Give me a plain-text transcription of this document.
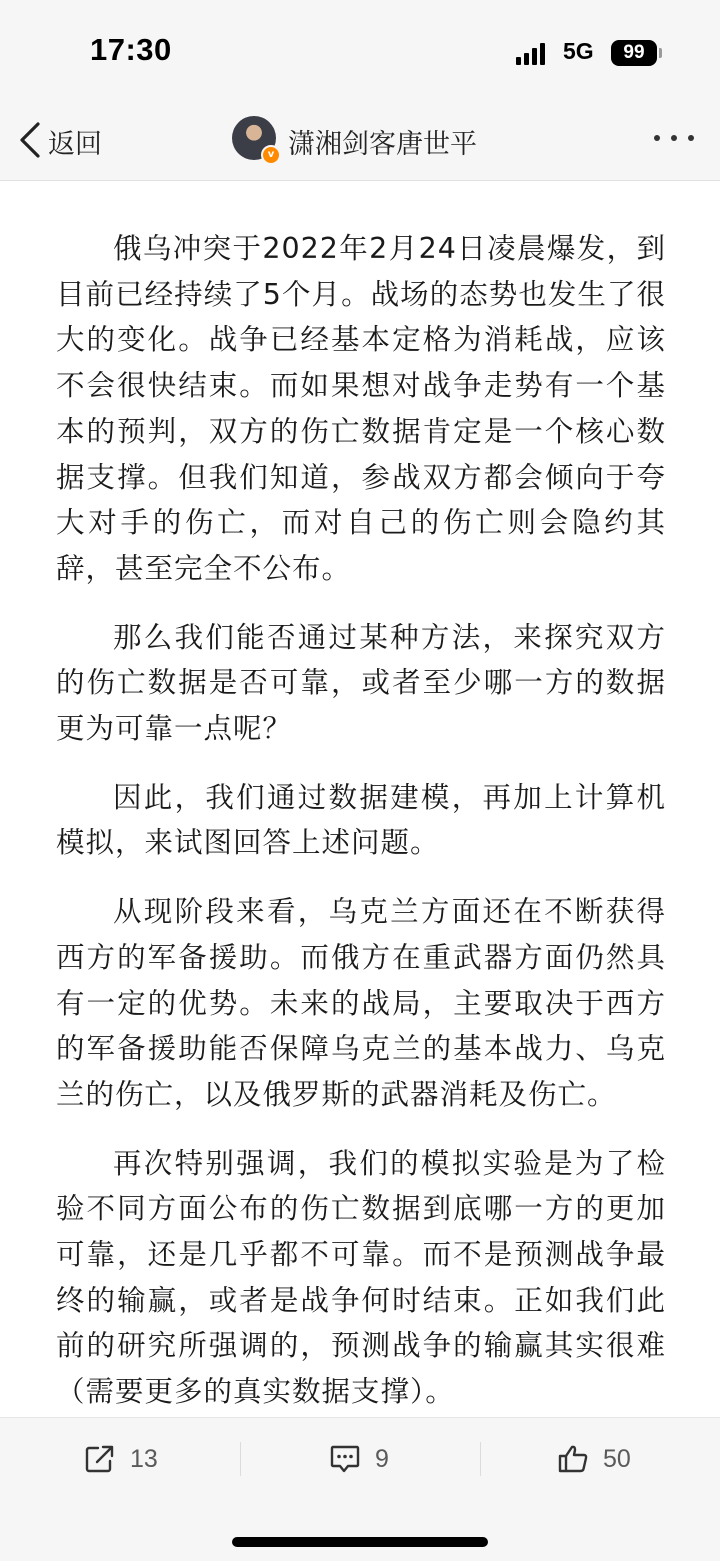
17:30	5G	99
返回	v 潇湘剑客唐世平

俄乌冲突于2022年2月24日凌晨爆发，到目前已经持续了5个月。战场的态势也发生了很大的变化。战争已经基本定格为消耗战，应该不会很快结束。而如果想对战争走势有一个基本的预判，双方的伤亡数据肯定是一个核心数据支撑。但我们知道，参战双方都会倾向于夸大对手的伤亡，而对自己的伤亡则会隐约其辞，甚至完全不公布。

那么我们能否通过某种方法，来探究双方的伤亡数据是否可靠，或者至少哪一方的数据更为可靠一点呢？

因此，我们通过数据建模，再加上计算机模拟，来试图回答上述问题。

从现阶段来看，乌克兰方面还在不断获得西方的军备援助。而俄方在重武器方面仍然具有一定的优势。未来的战局，主要取决于西方的军备援助能否保障乌克兰的基本战力、乌克兰的伤亡，以及俄罗斯的武器消耗及伤亡。

再次特别强调，我们的模拟实验是为了检验不同方面公布的伤亡数据到底哪一方的更加可靠，还是几乎都不可靠。而不是预测战争最终的输赢，或者是战争何时结束。正如我们此前的研究所强调的，预测战争的输赢其实很难（需要更多的真实数据支撑）。

13	9	50
